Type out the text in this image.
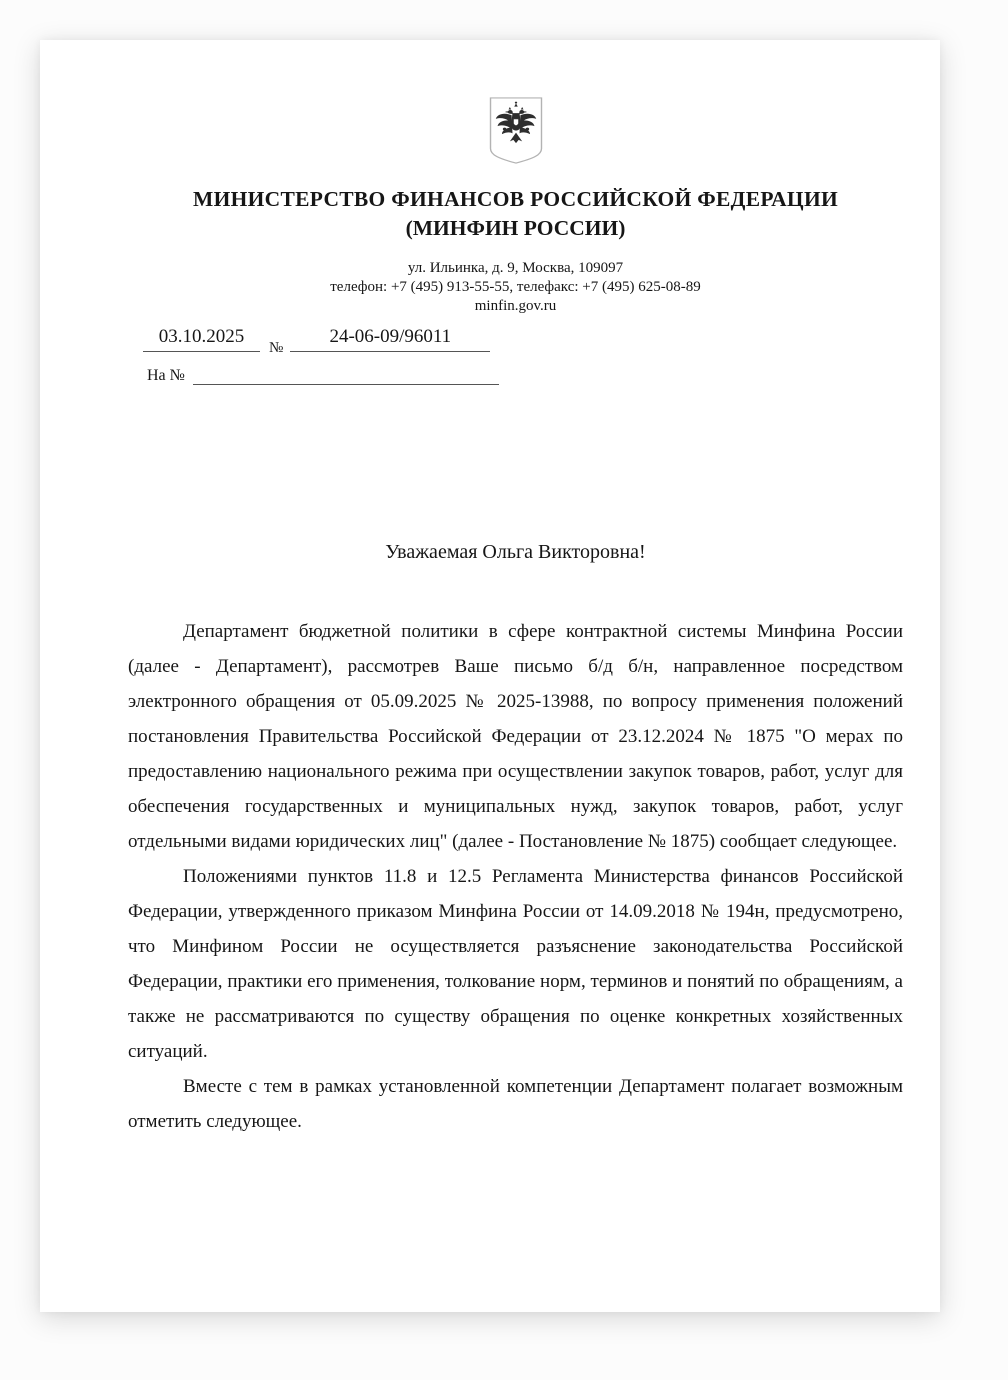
МИНИСТЕРСТВО ФИНАНСОВ РОССИЙСКОЙ ФЕДЕРАЦИИ
(МИНФИН РОССИИ)
ул. Ильинка, д. 9, Москва, 109097
телефон: +7 (495) 913-55-55, телефакс: +7 (495) 625-08-89
minfin.gov.ru
03.10.2025
№
24-06-09/96011
На №
Уважаемая Ольга Викторовна!

Департамент бюджетной политики в сфере контрактной системы Минфина России (далее - Департамент), рассмотрев Ваше письмо б/д б/н, направленное посредством электронного обращения от 05.09.2025 № 2025-13988, по вопросу применения положений постановления Правительства Российской Федерации от 23.12.2024 № 1875 "О мерах по предоставлению национального режима при осуществлении закупок товаров, работ, услуг для обеспечения государственных и муниципальных нужд, закупок товаров, работ, услуг отдельными видами юридических лиц" (далее - Постановление № 1875) сообщает следующее.

Положениями пунктов 11.8 и 12.5 Регламента Министерства финансов Российской Федерации, утвержденного приказом Минфина России от 14.09.2018 № 194н, предусмотрено, что Минфином России не осуществляется разъяснение законодательства Российской Федерации, практики его применения, толкование норм, терминов и понятий по обращениям, а также не рассматриваются по существу обращения по оценке конкретных хозяйственных ситуаций.

Вместе с тем в рамках установленной компетенции Департамент полагает возможным отметить следующее.
